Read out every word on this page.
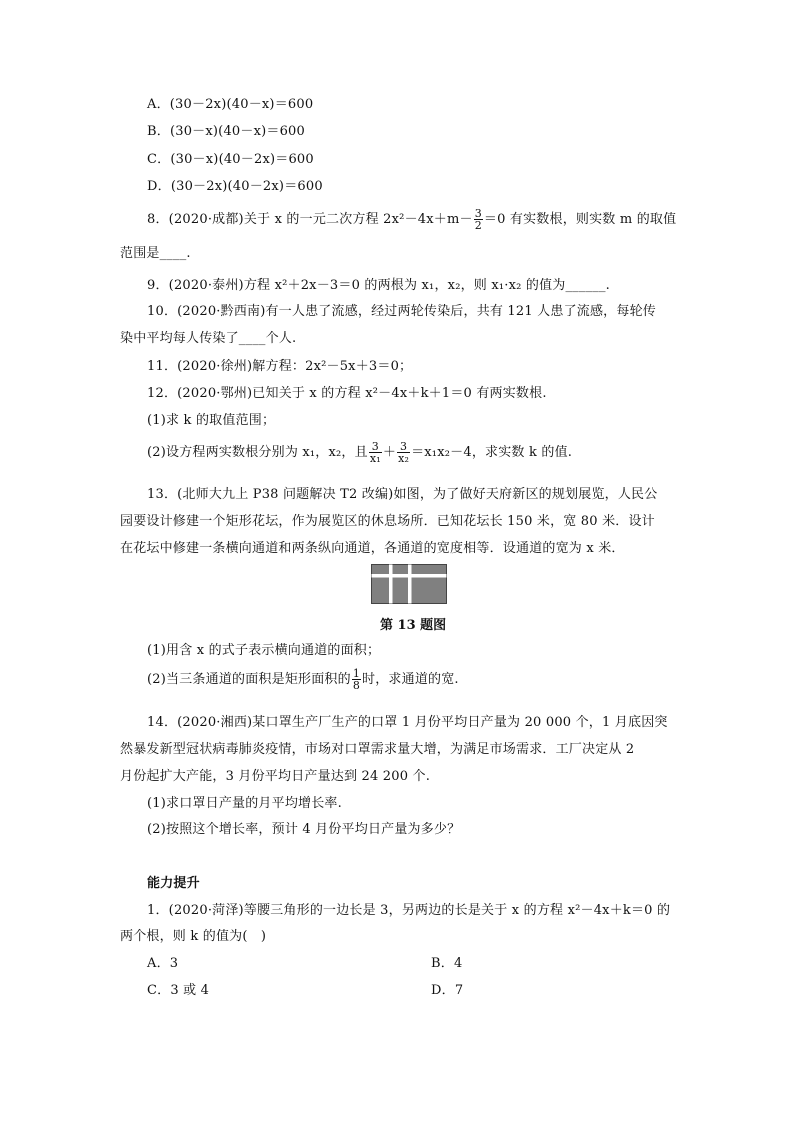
A．(30－2x)(40－x)＝600
B．(30－x)(40－x)＝600
C．(30－x)(40－2x)＝600
D．(30－2x)(40－2x)＝600
8．(2020·成都)关于 x 的一元二次方程 $2x^2-4x+m- \frac{3}{2} =0$ 有实数根，则实数 m 的取值
范围是____.
9．(2020·泰州)方程 x²＋2x－3＝0 的两根为 x₁，x₂，则 x₁·x₂ 的值为______.
10．(2020·黔西南)有一人患了流感，经过两轮传染后，共有 121 人患了流感，每轮传
染中平均每人传染了____个人.
11．(2020·徐州)解方程：2x²－5x＋3＝0；
12．(2020·鄂州)已知关于 x 的方程 x²－4x＋k＋1＝0 有两实数根.
(1)求 k 的取值范围；
(2)设方程两实数根分别为 x₁，x₂，且 $\frac{3}{\text{x₁}} + \frac{3}{\text{x₂}} =x_1x_2-4$，求实数 k 的值.
13．(北师大九上 P38 问题解决 T2 改编)如图，为了做好天府新区的规划展览，人民公
园要设计修建一个矩形花坛，作为展览区的休息场所．已知花坛长 150 米，宽 80 米．设计
在花坛中修建一条横向通道和两条纵向通道，各通道的宽度相等．设通道的宽为 x 米．
第 13 题图
(1)用含 x 的式子表示横向通道的面积；
(2)当三条通道的面积是矩形面积的 $\frac{1}{8}$ 时，求通道的宽.
14．(2020·湘西)某口罩生产厂生产的口罩 1 月份平均日产量为 20 000 个，1 月底因突
然暴发新型冠状病毒肺炎疫情，市场对口罩需求量大增，为满足市场需求．工厂决定从 2
月份起扩大产能，3 月份平均日产量达到 24 200 个.
(1)求口罩日产量的月平均增长率.
(2)按照这个增长率，预计 4 月份平均日产量为多少？
能力提升
1．(2020·菏泽)等腰三角形的一边长是 3，另两边的长是关于 x 的方程 x²－4x＋k＝0 的
两个根，则 k 的值为(　)
A．3	B．4
C．3 或 4	D．7
